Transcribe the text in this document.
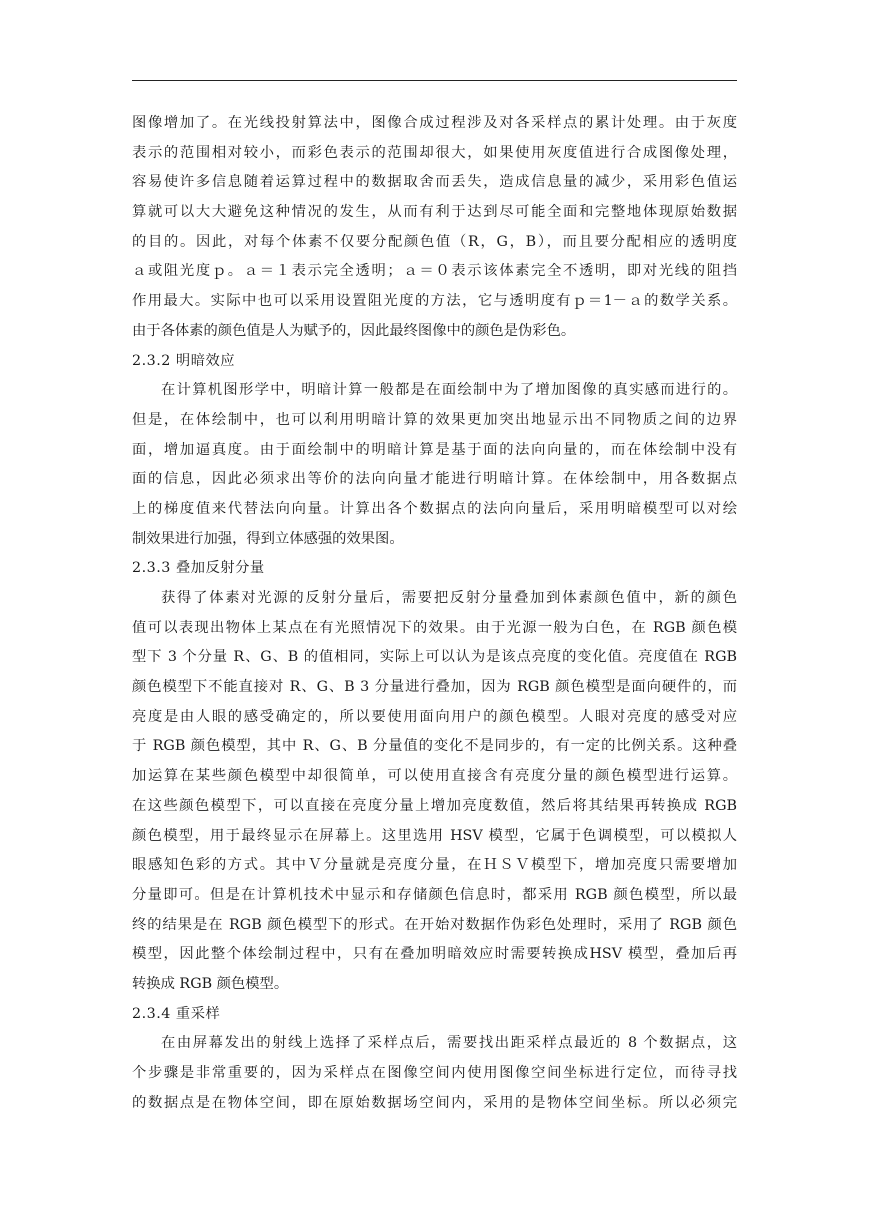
图像增加了。在光线投射算法中，图像合成过程涉及对各采样点的累计处理。由于灰度
表示的范围相对较小，而彩色表示的范围却很大，如果使用灰度值进行合成图像处理，
容易使许多信息随着运算过程中的数据取舍而丢失，造成信息量的减少，采用彩色值运
算就可以大大避免这种情况的发生，从而有利于达到尽可能全面和完整地体现原始数据
的目的。因此，对每个体素不仅要分配颜色值（R，G，B），而且要分配相应的透明度
ａ或阻光度ｐ。ａ＝１表示完全透明；ａ＝０表示该体素完全不透明，即对光线的阻挡
作用最大。实际中也可以采用设置阻光度的方法，它与透明度有ｐ＝1－ａ的数学关系。
由于各体素的颜色值是人为赋予的，因此最终图像中的颜色是伪彩色。
2.3.2 明暗效应
在计算机图形学中，明暗计算一般都是在面绘制中为了增加图像的真实感而进行的。
但是，在体绘制中，也可以利用明暗计算的效果更加突出地显示出不同物质之间的边界
面，增加逼真度。由于面绘制中的明暗计算是基于面的法向向量的，而在体绘制中没有
面的信息，因此必须求出等价的法向向量才能进行明暗计算。在体绘制中，用各数据点
上的梯度值来代替法向向量。计算出各个数据点的法向向量后，采用明暗模型可以对绘
制效果进行加强，得到立体感强的效果图。
2.3.3 叠加反射分量
获得了体素对光源的反射分量后，需要把反射分量叠加到体素颜色值中，新的颜色
值可以表现出物体上某点在有光照情况下的效果。由于光源一般为白色，在 RGB 颜色模
型下 3 个分量 R、G、B 的值相同，实际上可以认为是该点亮度的变化值。亮度值在 RGB
颜色模型下不能直接对 R、G、B 3 分量进行叠加，因为 RGB 颜色模型是面向硬件的，而
亮度是由人眼的感受确定的，所以要使用面向用户的颜色模型。人眼对亮度的感受对应
于 RGB 颜色模型，其中 R、G、B 分量值的变化不是同步的，有一定的比例关系。这种叠
加运算在某些颜色模型中却很简单，可以使用直接含有亮度分量的颜色模型进行运算。
在这些颜色模型下，可以直接在亮度分量上增加亮度数值，然后将其结果再转换成 RGB
颜色模型，用于最终显示在屏幕上。这里选用 HSV 模型，它属于色调模型，可以模拟人
眼感知色彩的方式。其中Ｖ分量就是亮度分量，在ＨＳＶ模型下，增加亮度只需要增加
分量即可。但是在计算机技术中显示和存储颜色信息时，都采用 RGB 颜色模型，所以最
终的结果是在 RGB 颜色模型下的形式。在开始对数据作伪彩色处理时，采用了 RGB 颜色
模型，因此整个体绘制过程中，只有在叠加明暗效应时需要转换成HSV 模型，叠加后再
转换成 RGB 颜色模型。
2.3.4 重采样
在由屏幕发出的射线上选择了采样点后，需要找出距采样点最近的 8 个数据点，这
个步骤是非常重要的，因为采样点在图像空间内使用图像空间坐标进行定位，而待寻找
的数据点是在物体空间，即在原始数据场空间内，采用的是物体空间坐标。所以必须完
